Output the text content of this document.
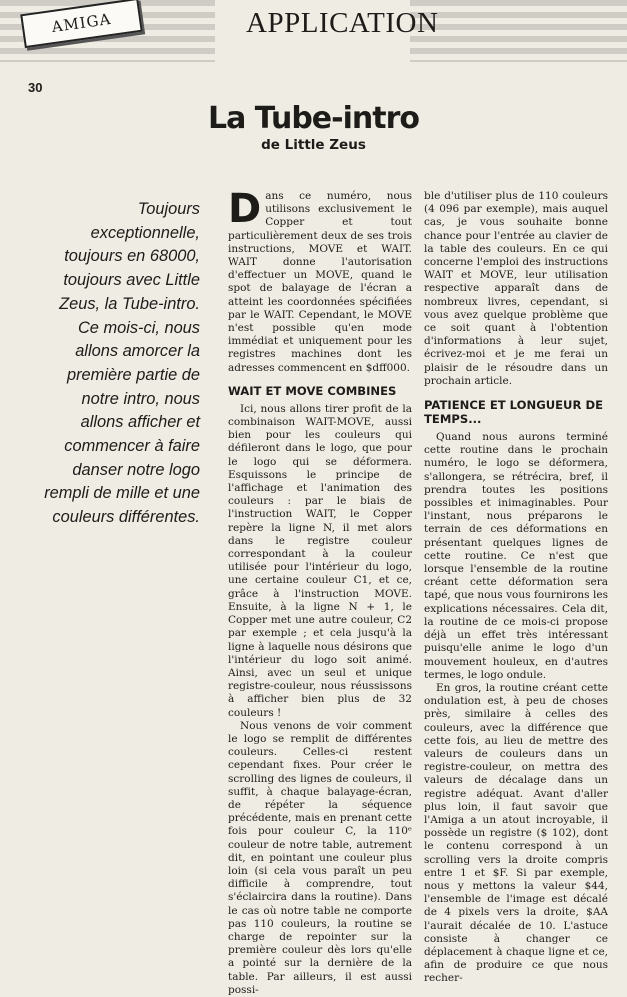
AMIGA	APPLICATION
30
La Tube-intro
de Little Zeus
Toujours exceptionnelle, toujours en 68000, toujours avec Little Zeus, la Tube-intro. Ce mois-ci, nous allons amorcer la première partie de notre intro, nous allons afficher et commencer à faire danser notre logo rempli de mille et une couleurs différentes.

Dans ce numéro, nous utilisons exclusivement le Copper et tout particulièrement deux de ses trois instructions, MOVE et WAIT. WAIT donne l'autorisation d'effectuer un MOVE, quand le spot de balayage de l'écran a atteint les coordonnées spécifiées par le WAIT. Cependant, le MOVE n'est possible qu'en mode immédiat et uniquement pour les registres machines dont les adresses commencent en $dff000.

WAIT ET MOVE COMBINES

Ici, nous allons tirer profit de la combinaison WAIT-MOVE, aussi bien pour les couleurs qui défileront dans le logo, que pour le logo qui se déformera. Esquissons le principe de l'affichage et l'animation des couleurs : par le biais de l'instruction WAIT, le Copper repère la ligne N, il met alors dans le registre couleur correspondant à la couleur utilisée pour l'intérieur du logo, une certaine couleur C1, et ce, grâce à l'instruction MOVE. Ensuite, à la ligne N + 1, le Copper met une autre couleur, C2 par exemple ; et cela jusqu'à la ligne à laquelle nous désirons que l'intérieur du logo soit animé. Ainsi, avec un seul et unique registre-couleur, nous réussissons à afficher bien plus de 32 couleurs !

Nous venons de voir comment le logo se remplit de différentes couleurs. Celles-ci restent cependant fixes. Pour créer le scrolling des lignes de couleurs, il suffit, à chaque balayage-écran, de répéter la séquence précédente, mais en prenant cette fois pour couleur C, la 110ᵉ couleur de notre table, autrement dit, en pointant une couleur plus loin (si cela vous paraît un peu difficile à comprendre, tout s'éclaircira dans la routine). Dans le cas où notre table ne comporte pas 110 couleurs, la routine se charge de repointer sur la première couleur dès lors qu'elle a pointé sur la dernière de la table. Par ailleurs, il est aussi possi-

ble d'utiliser plus de 110 couleurs (4 096 par exemple), mais auquel cas, je vous souhaite bonne chance pour l'entrée au clavier de la table des couleurs. En ce qui concerne l'emploi des instructions WAIT et MOVE, leur utilisation respective apparaît dans de nombreux livres, cependant, si vous avez quelque problème que ce soit quant à l'obtention d'informations à leur sujet, écrivez-moi et je me ferai un plaisir de le résoudre dans un prochain article.

PATIENCE ET LONGUEUR DE TEMPS...

Quand nous aurons terminé cette routine dans le prochain numéro, le logo se déformera, s'allongera, se rétrécira, bref, il prendra toutes les positions possibles et inimaginables. Pour l'instant, nous préparons le terrain de ces déformations en présentant quelques lignes de cette routine. Ce n'est que lorsque l'ensemble de la routine créant cette déformation sera tapé, que nous vous fournirons les explications nécessaires. Cela dit, la routine de ce mois-ci propose déjà un effet très intéressant puisqu'elle anime le logo d'un mouvement houleux, en d'autres termes, le logo ondule.

En gros, la routine créant cette ondulation est, à peu de choses près, similaire à celles des couleurs, avec la différence que cette fois, au lieu de mettre des valeurs de couleurs dans un registre-couleur, on mettra des valeurs de décalage dans un registre adéquat. Avant d'aller plus loin, il faut savoir que l'Amiga a un atout incroyable, il possède un registre ($ 102), dont le contenu correspond à un scrolling vers la droite compris entre 1 et $F. Si par exemple, nous y mettons la valeur $44, l'ensemble de l'image est décalé de 4 pixels vers la droite, $AA l'aurait décalée de 10. L'astuce consiste à changer ce déplacement à chaque ligne et ce, afin de produire ce que nous recher-
